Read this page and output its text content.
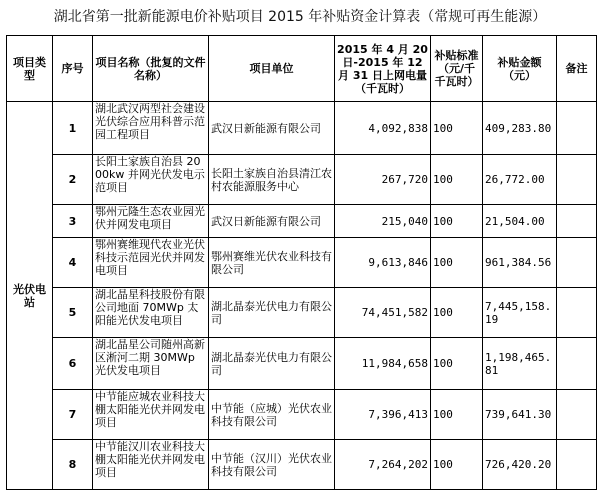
湖北省第一批新能源电价补贴项目 2015 年补贴资金计算表（常规可再生能源）
项目类型	序号	项目名称（批复的文件名称）	项目单位	2015 年 4 月 20 日-2015 年 12 月 31 日上网电量（千瓦时）	补贴标准（元/千千瓦时）	补贴金额（元）	备注
光伏电站	1	湖北武汉两型社会建设光伏综合应用科普示范园工程项目	武汉日新能源有限公司	4,092,838	100	409,283.80	
	2	长阳土家族自治县 2000kw 并网光伏发电示范项目	长阳土家族自治县清江农村农能源服务中心	267,720	100	26,772.00	
	3	鄂州元隆生态农业园光伏并网发电项目	武汉日新能源有限公司	215,040	100	21,504.00	
	4	鄂州赛维现代农业光伏科技示范园光伏并网发电项目	鄂州赛维光伏农业科技有限公司	9,613,846	100	961,384.56	
	5	湖北晶星科技股份有限公司地面 70MWp 太阳能光伏发电项目	湖北晶泰光伏电力有限公司	74,451,582	100	7,445,158.19	
	6	湖北晶星公司随州高新区淅河二期 30MWp 光伏发电项目	湖北晶泰光伏电力有限公司	11,984,658	100	1,198,465.81	
	7	中节能应城农业科技大棚太阳能光伏并网发电项目	中节能（应城）光伏农业科技有限公司	7,396,413	100	739,641.30	
	8	中节能汉川农业科技大棚太阳能光伏并网发电项目	中节能（汉川）光伏农业科技有限公司	7,264,202	100	726,420.20	
